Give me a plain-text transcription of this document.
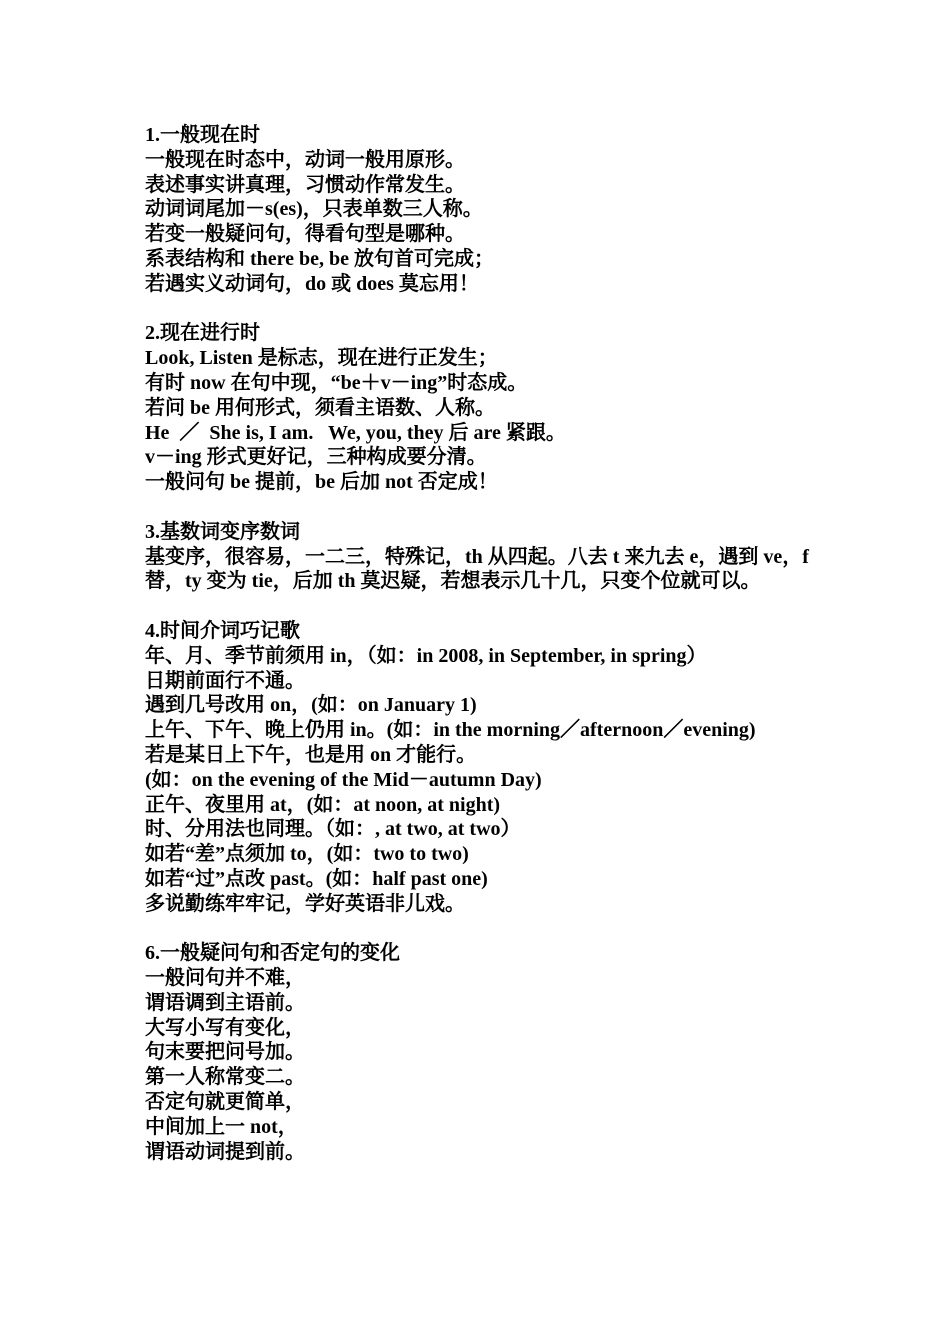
1.一般现在时
一般现在时态中，动词一般用原形。
表述事实讲真理，习惯动作常发生。
动词词尾加－s(es)，只表单数三人称。
若变一般疑问句，得看句型是哪种。
系表结构和 there be, be 放句首可完成；
若遇实义动词句，do 或 does 莫忘用！
2.现在进行时
Look, Listen 是标志，现在进行正发生；
有时 now 在句中现，“be＋v－ing”时态成。
若问 be 用何形式，须看主语数、人称。
He  ／  She is, I am.   We, you, they 后 are 紧跟。
v－ing 形式更好记，三种构成要分清。
一般问句 be 提前，be 后加 not 否定成！
3.基数词变序数词
基变序，很容易，一二三，特殊记，th 从四起。八去 t 来九去 e，遇到 ve，f 替，ty 变为 tie，后加 th 莫迟疑，若想表示几十几，只变个位就可以。
4.时间介词巧记歌
年、月、季节前须用 in，（如：in 2008, in September, in spring）
日期前面行不通。
遇到几号改用 on，(如：on January 1)
上午、下午、晚上仍用 in。(如：in the morning／afternoon／evening)
若是某日上下午，也是用 on 才能行。
(如：on the evening of the Mid－autumn Day)
正午、夜里用 at，(如：at noon, at night)
时、分用法也同理。（如：, at two, at two）
如若“差”点须加 to，(如：two to two)
如若“过”点改 past。(如：half past one)
多说勤练牢牢记，学好英语非儿戏。
6.一般疑问句和否定句的变化
一般问句并不难，
谓语调到主语前。
大写小写有变化，
句末要把问号加。
第一人称常变二。
否定句就更简单，
中间加上一 not，
谓语动词提到前。
